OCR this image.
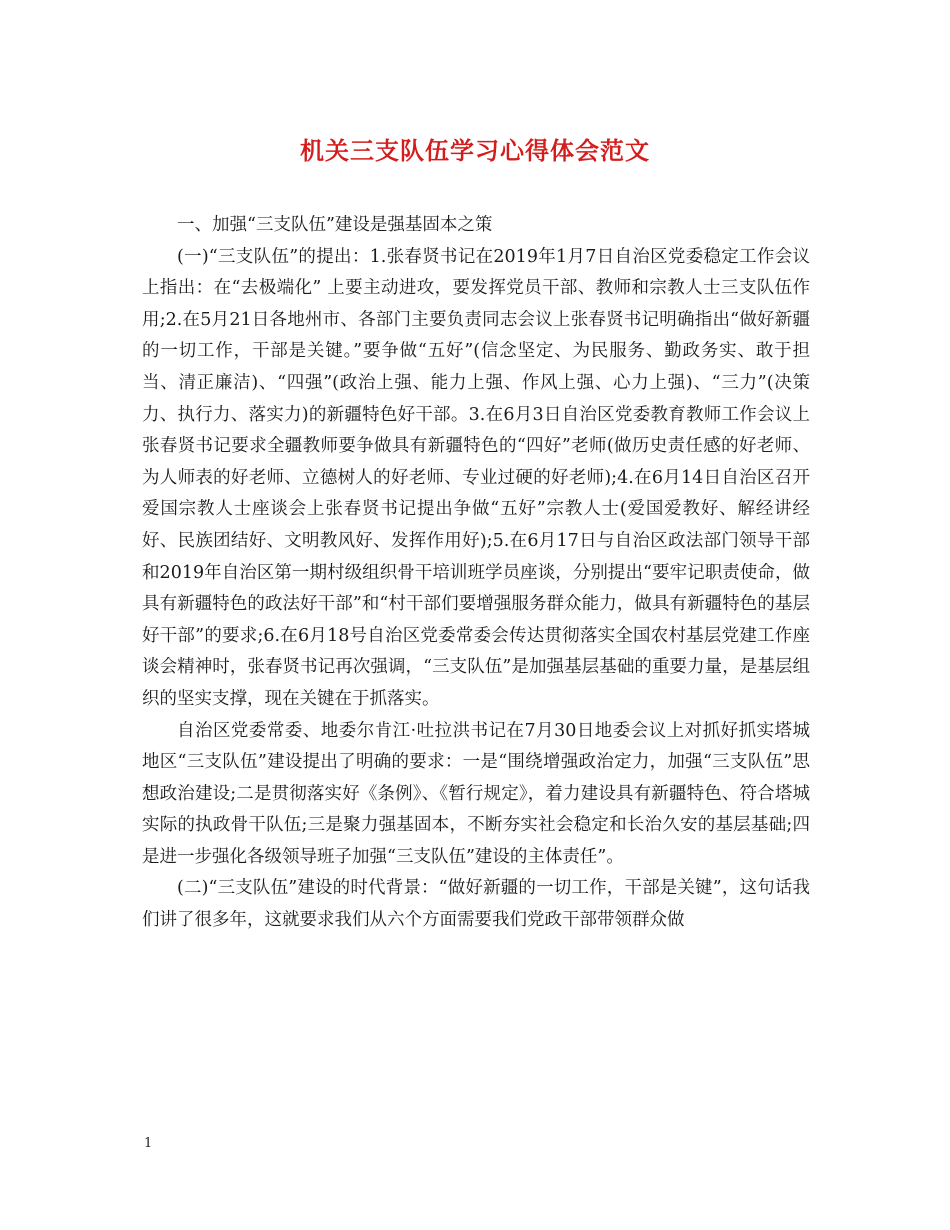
机关三支队伍学习心得体会范文

一、加强“三支队伍”建设是强基固本之策

(一)“三支队伍”的提出：1.张春贤书记在2019年1月7日自治区党委稳定工作会议上指出：在“去极端化” 上要主动进攻，要发挥党员干部、教师和宗教人士三支队伍作用;2.在5月21日各地州市、各部门主要负责同志会议上张春贤书记明确指出“做好新疆的一切工作，干部是关键。”要争做“五好”(信念坚定、为民服务、勤政务实、敢于担当、清正廉洁)、“四强”(政治上强、能力上强、作风上强、心力上强)、“三力”(决策力、执行力、落实力)的新疆特色好干部。3.在6月3日自治区党委教育教师工作会议上张春贤书记要求全疆教师要争做具有新疆特色的“四好”老师(做历史责任感的好老师、为人师表的好老师、立德树人的好老师、专业过硬的好老师);4.在6月14日自治区召开爱国宗教人士座谈会上张春贤书记提出争做“五好”宗教人士(爱国爱教好、解经讲经好、民族团结好、文明教风好、发挥作用好);5.在6月17日与自治区政法部门领导干部和2019年自治区第一期村级组织骨干培训班学员座谈，分别提出“要牢记职责使命，做具有新疆特色的政法好干部”和“村干部们要增强服务群众能力，做具有新疆特色的基层好干部”的要求;6.在6月18号自治区党委常委会传达贯彻落实全国农村基层党建工作座谈会精神时，张春贤书记再次强调，“三支队伍”是加强基层基础的重要力量，是基层组织的坚实支撑，现在关键在于抓落实。

自治区党委常委、地委尔肯江·吐拉洪书记在7月30日地委会议上对抓好抓实塔城地区“三支队伍”建设提出了明确的要求：一是“围绕增强政治定力，加强“三支队伍”思想政治建设;二是贯彻落实好《条例》、《暂行规定》，着力建设具有新疆特色、符合塔城实际的执政骨干队伍;三是聚力强基固本，不断夯实社会稳定和长治久安的基层基础;四是进一步强化各级领导班子加强“三支队伍”建设的主体责任”。

(二)“三支队伍”建设的时代背景：“做好新疆的一切工作，干部是关键”，这句话我们讲了很多年，这就要求我们从六个方面需要我们党政干部带领群众做

1
